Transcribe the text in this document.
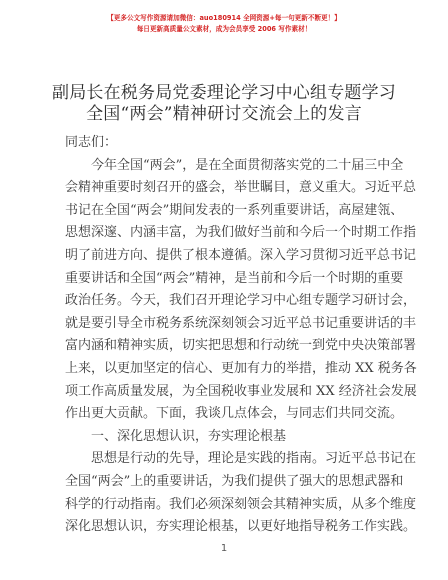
【更多公文写作资源请加微信：auo180914 全网资源+每一句更新不断更！】
每日更新高质量公文素材，成为会员享受 2006 写作素材！
副局长在税务局党委理论学习中心组专题学习
全国“两会”精神研讨交流会上的发言
同志们：
今年全国“两会”，是在全面贯彻落实党的二十届三中全
会精神重要时刻召开的盛会，举世瞩目，意义重大。习近平总
书记在全国“两会”期间发表的一系列重要讲话，高屋建瓴、
思想深邃、内涵丰富，为我们做好当前和今后一个时期工作指
明了前进方向、提供了根本遵循。深入学习贯彻习近平总书记
重要讲话和全国“两会”精神，是当前和今后一个时期的重要
政治任务。今天，我们召开理论学习中心组专题学习研讨会，
就是要引导全市税务系统深刻领会习近平总书记重要讲话的丰
富内涵和精神实质，切实把思想和行动统一到党中央决策部署
上来，以更加坚定的信心、更加有力的举措，推动 XX 税务各
项工作高质量发展，为全国税收事业发展和 XX 经济社会发展
作出更大贡献。下面，我谈几点体会，与同志们共同交流。
一、深化思想认识，夯实理论根基
思想是行动的先导，理论是实践的指南。习近平总书记在
全国“两会”上的重要讲话，为我们提供了强大的思想武器和
科学的行动指南。我们必须深刻领会其精神实质，从多个维度
深化思想认识，夯实理论根基，以更好地指导税务工作实践。
1
